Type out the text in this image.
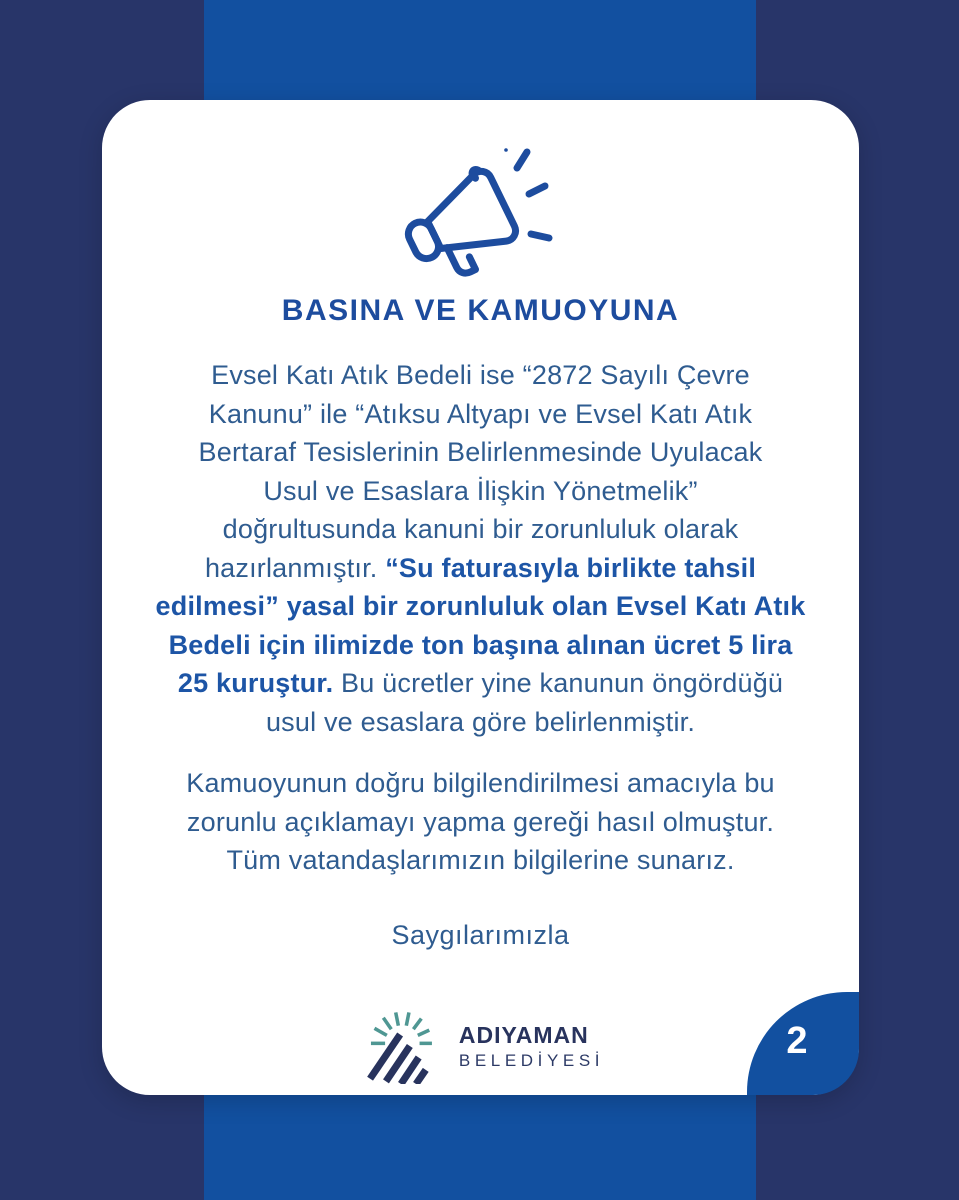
BASINA VE KAMUOYUNA
Evsel Katı Atık Bedeli ise “2872 Sayılı Çevre
Kanunu” ile “Atıksu Altyapı ve Evsel Katı Atık
Bertaraf Tesislerinin Belirlenmesinde Uyulacak
Usul ve Esaslara İlişkin Yönetmelik”
doğrultusunda kanuni bir zorunluluk olarak
hazırlanmıştır. “Su faturasıyla birlikte tahsil
edilmesi” yasal bir zorunluluk olan Evsel Katı Atık
Bedeli için ilimizde ton başına alınan ücret 5 lira
25 kuruştur. Bu ücretler yine kanunun öngördüğü
usul ve esaslara göre belirlenmiştir.
Kamuoyunun doğru bilgilendirilmesi amacıyla bu
zorunlu açıklamayı yapma gereği hasıl olmuştur.
Tüm vatandaşlarımızın bilgilerine sunarız.
Saygılarımızla
ADIYAMAN
BELEDİYESİ	2
